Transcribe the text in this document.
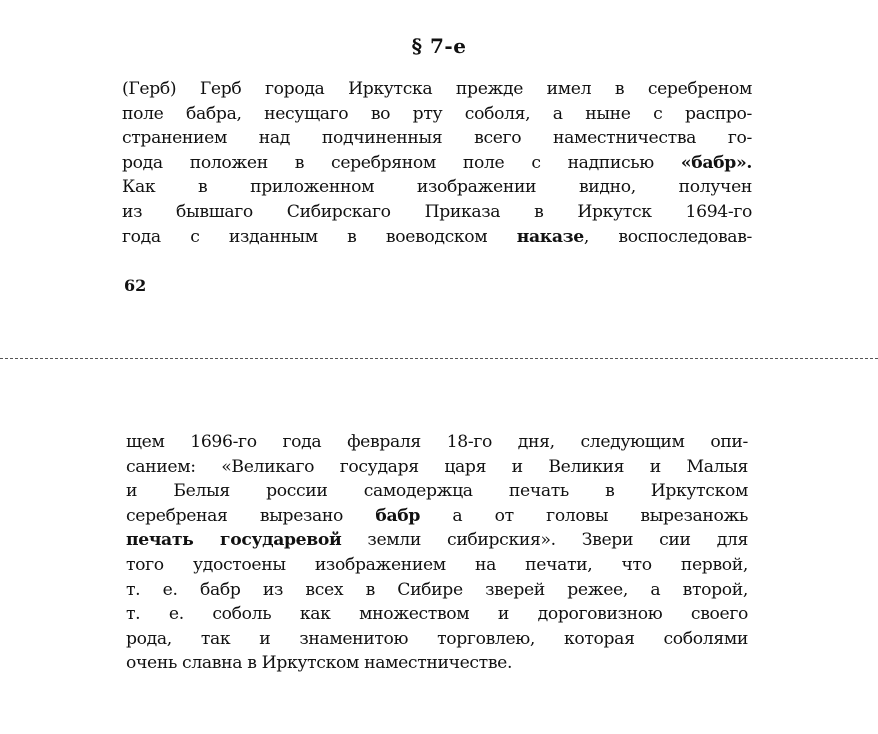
§ 7-е
(Герб) Герб города Иркутска прежде имел в серебреном
поле бабра, несущаго во рту соболя, а ныне с распро-
странением над подчиненныя всего наместничества го-
рода положен в серебряном поле с надписью «бабр».
Как в приложенном изображении видно, получен
из бывшаго Сибирскаго Приказа в Иркутск 1694-го
года с изданным в воеводском наказе, воспоследовав-
62
щем 1696-го года февраля 18-го дня, следующим опи-
санием: «Великаго государя царя и Великия и Малыя
и Белыя россии самодержца печать в Иркутском
серебреная вырезано бабр а от головы вырезаножь
печать государевой земли сибирския». Звери сии для
того удостоены изображением на печати, что первой,
т. е. бабр из всех в Сибире зверей режее, а второй,
т. е. соболь как множеством и дороговизною своего
рода, так и знаменитою торговлею, которая соболями
очень славна в Иркутском наместничестве.
